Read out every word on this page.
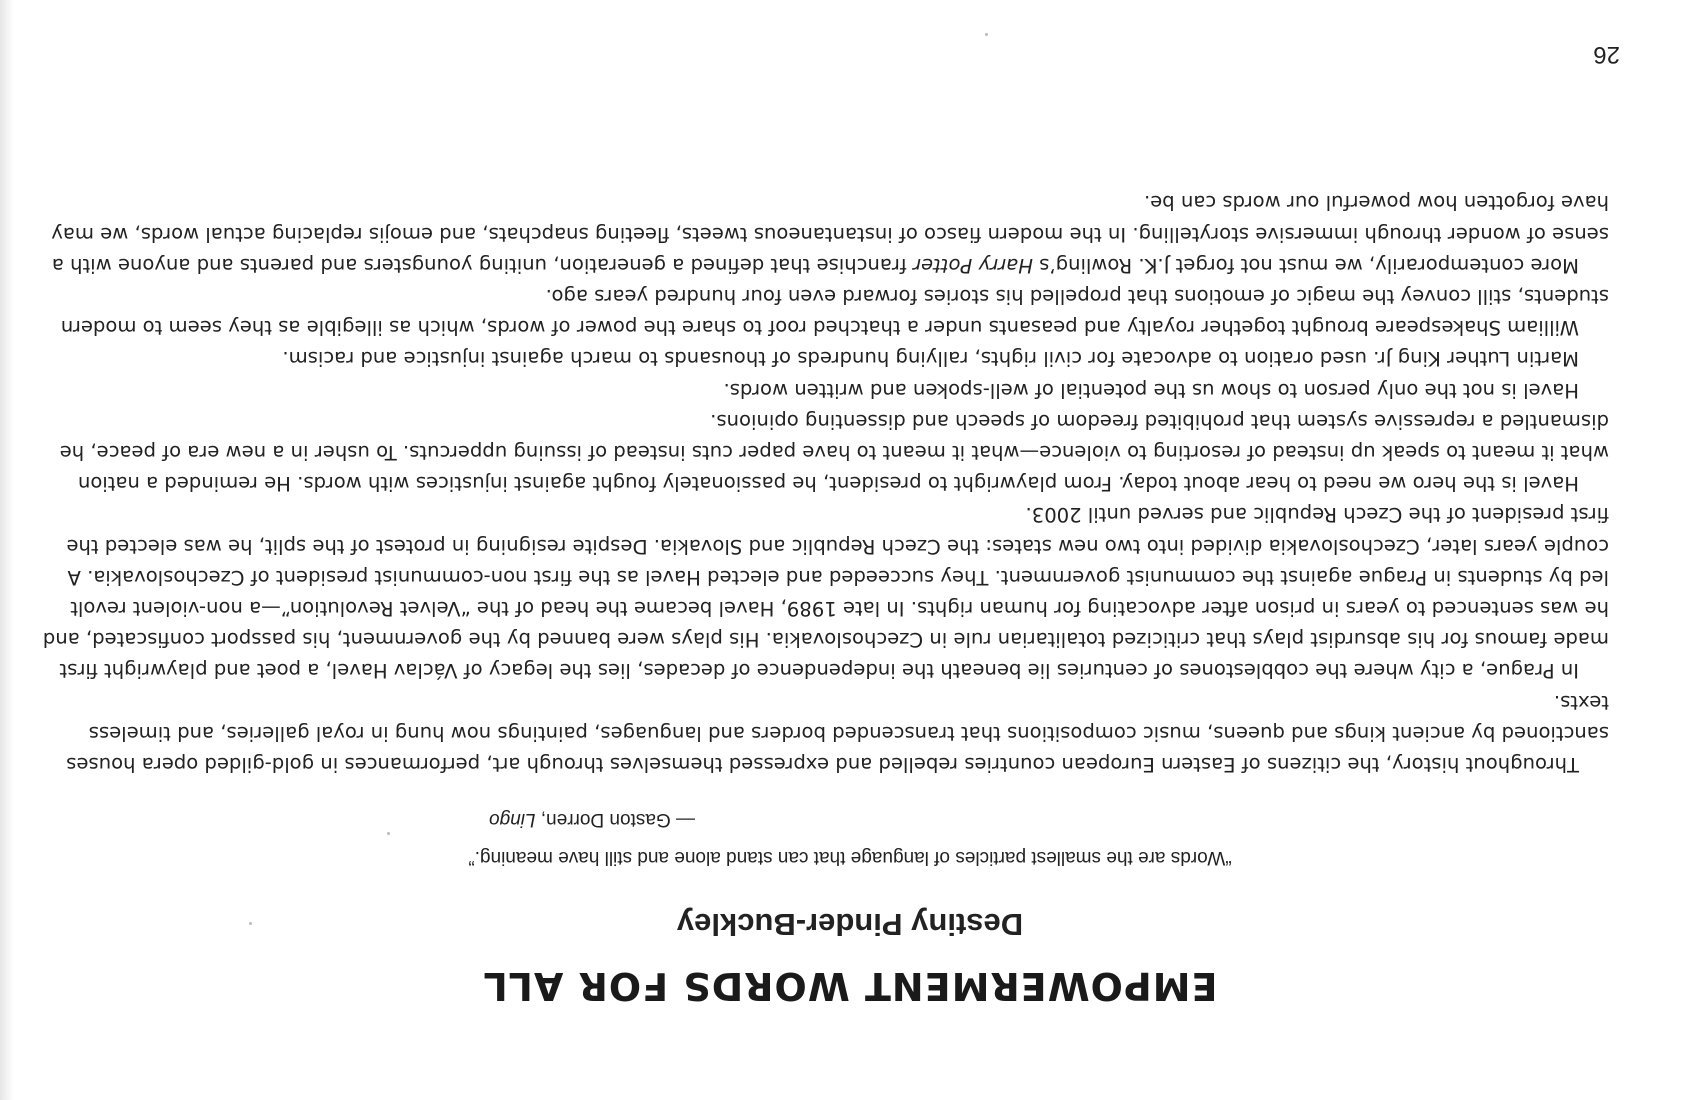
EMPOWERMENT WORDS FOR ALL
Destiny Pinder-Buckley

“Words are the smallest particles of language that can stand alone and still have meaning.”

— Gaston Dorren, Lingo

Throughout history, the citizens of Eastern European countries rebelled and expressed themselves through art, performances in gold-gilded opera houses sanctioned by ancient kings and queens, music compositions that transcended borders and languages, paintings now hung in royal galleries, and timeless texts.

In Prague, a city where the cobblestones of centuries lie beneath the independence of decades, lies the legacy of Václav Havel, a poet and playwright first made famous for his absurdist plays that criticized totalitarian rule in Czechoslovakia. His plays were banned by the government, his passport confiscated, and he was sentenced to years in prison after advocating for human rights. In late 1989, Havel became the head of the “Velvet Revolution”—a non-violent revolt led by students in Prague against the communist government. They succeeded and elected Havel as the first non-communist president of Czechoslovakia. A couple years later, Czechoslovakia divided into two new states: the Czech Republic and Slovakia. Despite resigning in protest of the split, he was elected the first president of the Czech Republic and served until 2003.

Havel is the hero we need to hear about today. From playwright to president, he passionately fought against injustices with words. He reminded a nation what it meant to speak up instead of resorting to violence—what it meant to have paper cuts instead of issuing uppercuts. To usher in a new era of peace, he dismantled a repressive system that prohibited freedom of speech and dissenting opinions.

Havel is not the only person to show us the potential of well-spoken and written words.

Martin Luther King Jr. used oration to advocate for civil rights, rallying hundreds of thousands to march against injustice and racism.

William Shakespeare brought together royalty and peasants under a thatched roof to share the power of words, which as illegible as they seem to modern students, still convey the magic of emotions that propelled his stories forward even four hundred years ago.

More contemporarily, we must not forget J.K. Rowling’s Harry Potter franchise that defined a generation, uniting youngsters and parents and anyone with a sense of wonder through immersive storytelling. In the modern fiasco of instantaneous tweets, fleeting snapchats, and emojis replacing actual words, we may have forgotten how powerful our words can be.

26
